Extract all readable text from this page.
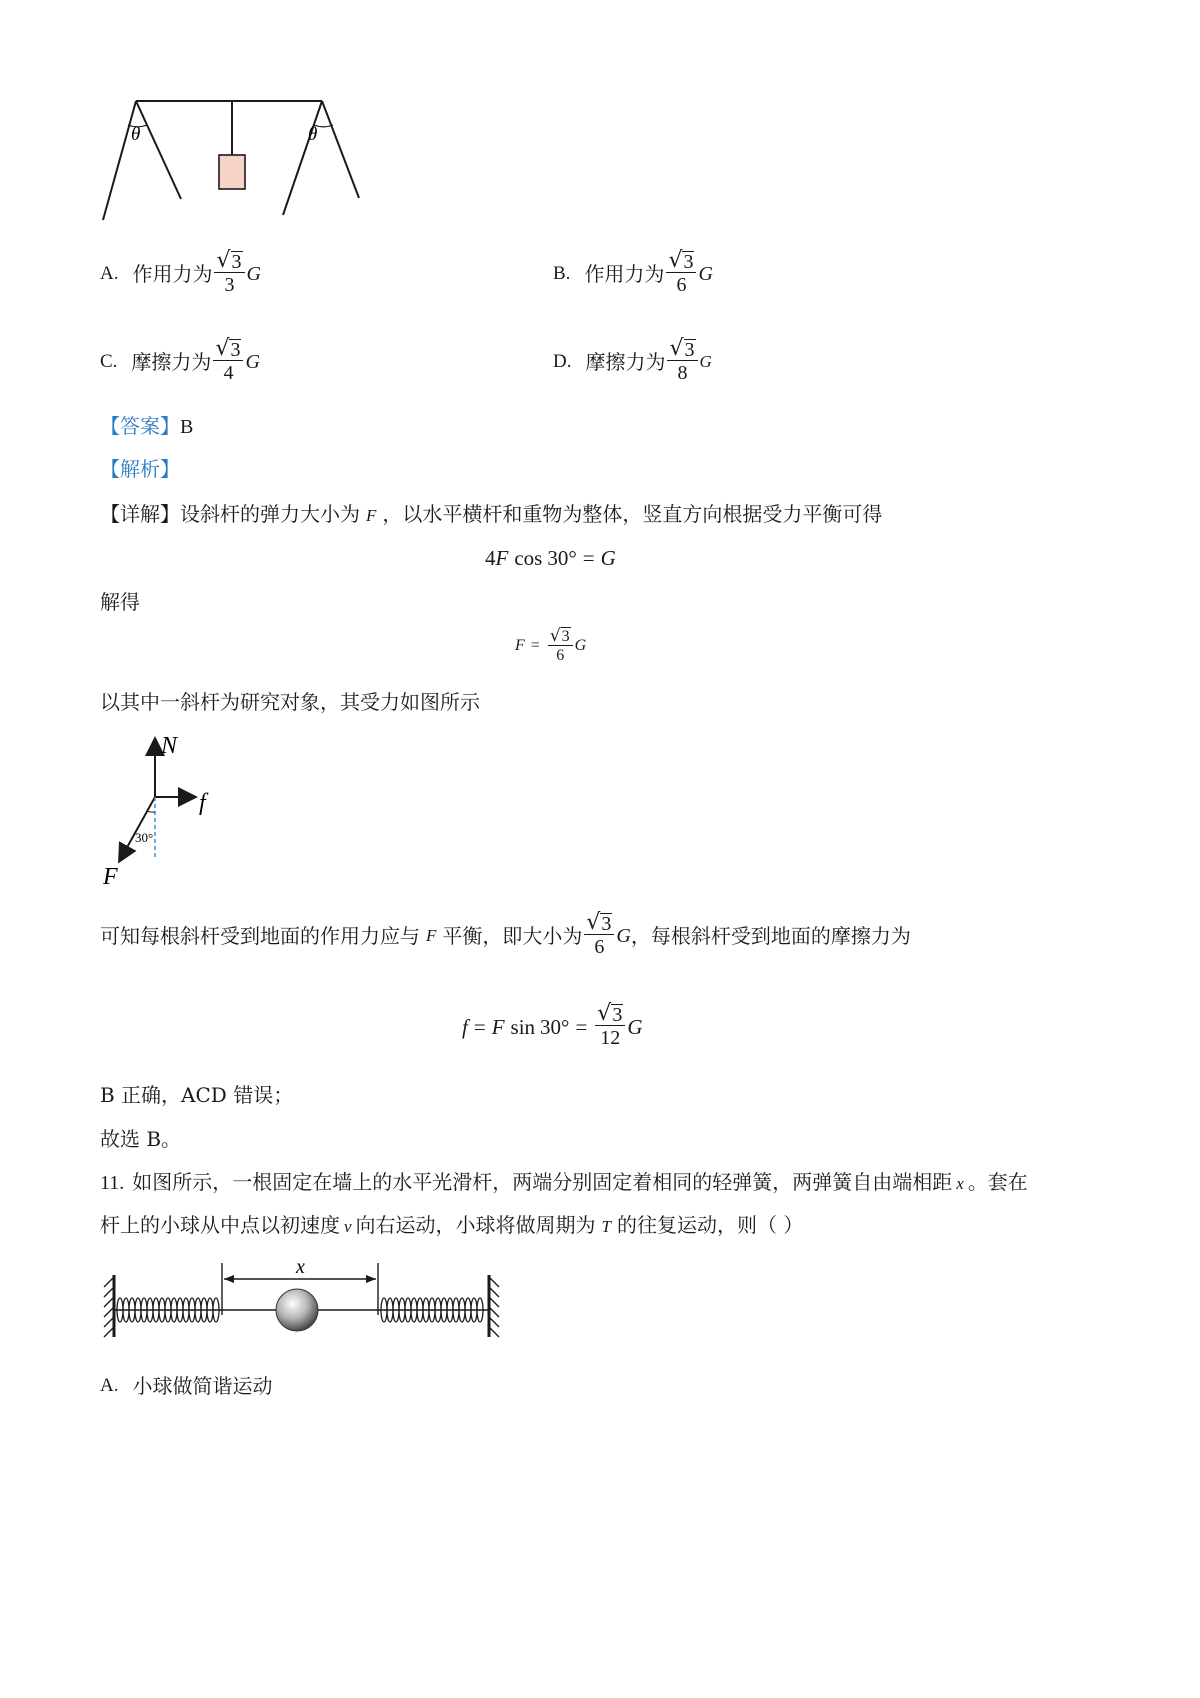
θ	θ
A. 作用力为 $\frac{√ 3}{3}$ G	B. 作用力为 $\frac{√ 3}{6}$ G
C. 摩擦力为 $\frac{√ 3}{4}$ G	D. 摩擦力为 $\frac{√ 3}{8}$ G
【答案】B
【解析】
【详解】设斜杆的弹力大小为 F ，以水平横杆和重物为整体，竖直方向根据受力平衡可得
4 F cos 30° = G
解得
$F = \frac{√ 3}{6}$ G
以其中一斜杆为研究对象，其受力如图所示
N
f
F
30°
可知每根斜杆受到地面的作用力应与 F 平衡，即大小为 $\frac{√ 3}{6}$ G ，每根斜杆受到地面的摩擦力为
f = F $\sin 30^\circ = \frac{√ 3}{12}$ G
B 正确，ACD 错误；
故选 B。
11. 如图所示，一根固定在墙上的水平光滑杆，两端分别固定着相同的轻弹簧，两弹簧自由端相距 x 。套在
杆上的小球从中点以初速度 v 向右运动，小球将做周期为 T 的往复运动，则（ ）
x
A. 小球做简谐运动
